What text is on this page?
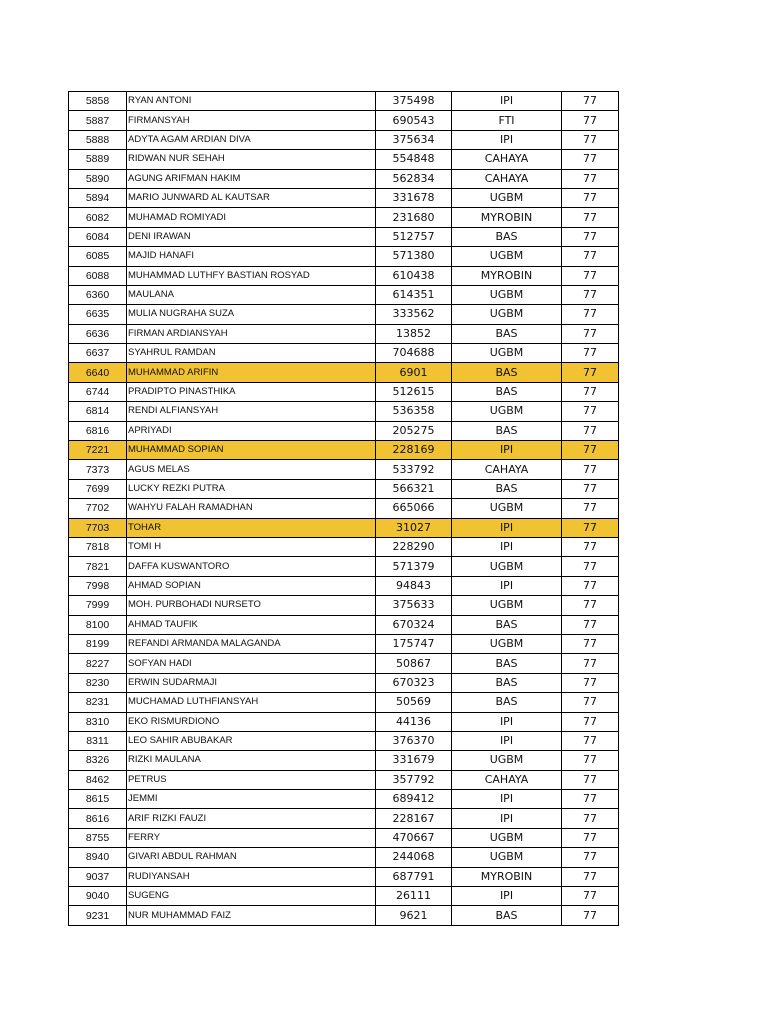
5858	RYAN ANTONI	375498	IPI	77
5887	FIRMANSYAH	690543	FTI	77
5888	ADYTA AGAM ARDIAN DIVA	375634	IPI	77
5889	RIDWAN NUR SEHAH	554848	CAHAYA	77
5890	AGUNG ARIFMAN HAKIM	562834	CAHAYA	77
5894	MARIO JUNWARD AL KAUTSAR	331678	UGBM	77
6082	MUHAMAD ROMIYADI	231680	MYROBIN	77
6084	DENI IRAWAN	512757	BAS	77
6085	MAJID HANAFI	571380	UGBM	77
6088	MUHAMMAD LUTHFY BASTIAN ROSYAD	610438	MYROBIN	77
6360	MAULANA	614351	UGBM	77
6635	MULIA NUGRAHA SUZA	333562	UGBM	77
6636	FIRMAN ARDIANSYAH	13852	BAS	77
6637	SYAHRUL RAMDAN	704688	UGBM	77
6640	MUHAMMAD ARIFIN	6901	BAS	77
6744	PRADIPTO PINASTHIKA	512615	BAS	77
6814	RENDI ALFIANSYAH	536358	UGBM	77
6816	APRIYADI	205275	BAS	77
7221	MUHAMMAD SOPIAN	228169	IPI	77
7373	AGUS MELAS	533792	CAHAYA	77
7699	LUCKY REZKI PUTRA	566321	BAS	77
7702	WAHYU FALAH RAMADHAN	665066	UGBM	77
7703	TOHAR	31027	IPI	77
7818	TOMI H	228290	IPI	77
7821	DAFFA KUSWANTORO	571379	UGBM	77
7998	AHMAD SOPIAN	94843	IPI	77
7999	MOH. PURBOHADI NURSETO	375633	UGBM	77
8100	AHMAD TAUFIK	670324	BAS	77
8199	REFANDI ARMANDA MALAGANDA	175747	UGBM	77
8227	SOFYAN HADI	50867	BAS	77
8230	ERWIN SUDARMAJI	670323	BAS	77
8231	MUCHAMAD LUTHFIANSYAH	50569	BAS	77
8310	EKO RISMURDIONO	44136	IPI	77
8311	LEO SAHIR ABUBAKAR	376370	IPI	77
8326	RIZKI MAULANA	331679	UGBM	77
8462	PETRUS	357792	CAHAYA	77
8615	JEMMI	689412	IPI	77
8616	ARIF RIZKI FAUZI	228167	IPI	77
8755	FERRY	470667	UGBM	77
8940	GIVARI ABDUL RAHMAN	244068	UGBM	77
9037	RUDIYANSAH	687791	MYROBIN	77
9040	SUGENG	26111	IPI	77
9231	NUR MUHAMMAD FAIZ	9621	BAS	77
